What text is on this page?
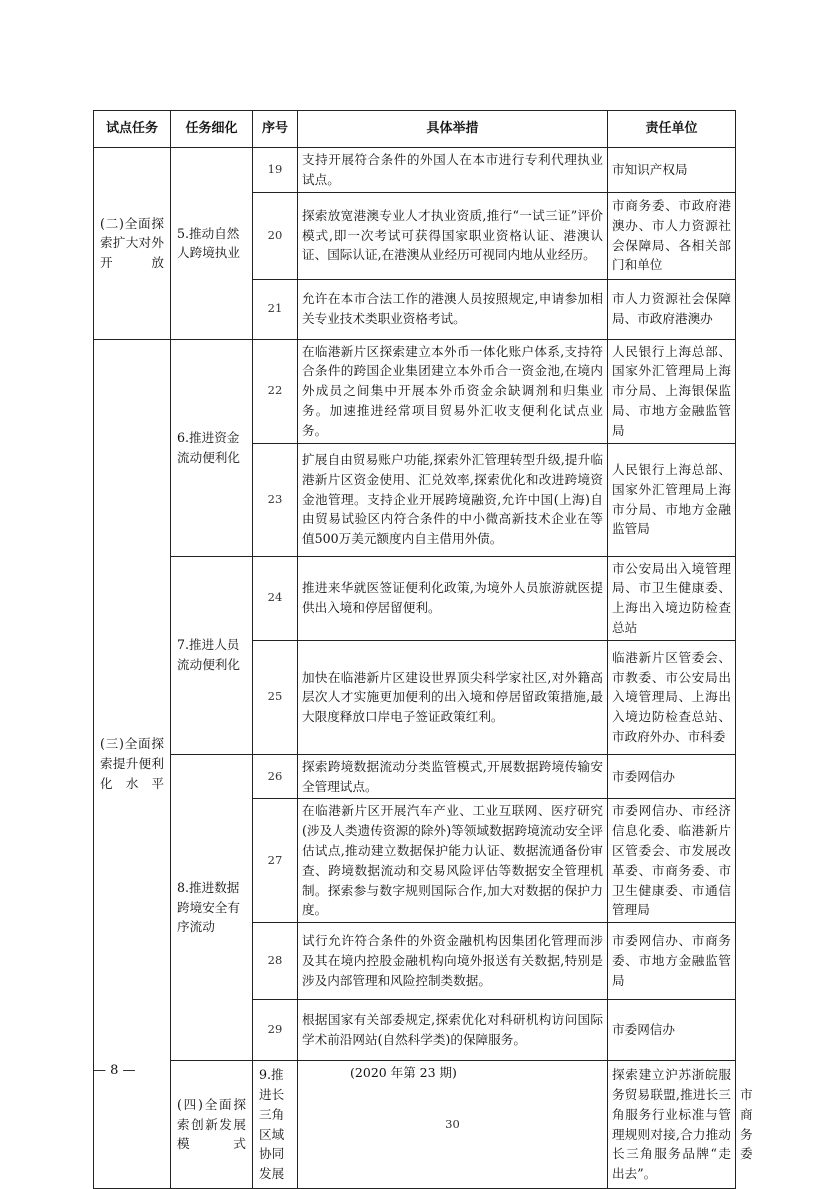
试点任务	任务细化	序号	具体举措	责任单位	
(二)全面探索扩大对外开放	5.推动自然人跨境执业	19	支持开展符合条件的外国人在本市进行专利代理执业试点。	市知识产权局	
		20	探索放宽港澳专业人才执业资质,推行“一试三证”评价模式,即一次考试可获得国家职业资格认证、港澳认证、国际认证,在港澳从业经历可视同内地从业经历。	市商务委、市政府港澳办、市人力资源社会保障局、各相关部门和单位	
		21	允许在本市合法工作的港澳人员按照规定,申请参加相关专业技术类职业资格考试。	市人力资源社会保障局、市政府港澳办	
(三)全面探索提升便利化水平	6.推进资金流动便利化	22	在临港新片区探索建立本外币一体化账户体系,支持符合条件的跨国企业集团建立本外币合一资金池,在境内外成员之间集中开展本外币资金余缺调剂和归集业务。加速推进经常项目贸易外汇收支便利化试点业务。	人民银行上海总部、国家外汇管理局上海市分局、上海银保监局、市地方金融监管局	
		23	扩展自由贸易账户功能,探索外汇管理转型升级,提升临港新片区资金使用、汇兑效率,探索优化和改进跨境资金池管理。支持企业开展跨境融资,允许中国(上海)自由贸易试验区内符合条件的中小微高新技术企业在等值500万美元额度内自主借用外债。	人民银行上海总部、国家外汇管理局上海市分局、市地方金融监管局	
	7.推进人员流动便利化	24	推进来华就医签证便利化政策,为境外人员旅游就医提供出入境和停居留便利。	市公安局出入境管理局、市卫生健康委、上海出入境边防检查总站	
		25	加快在临港新片区建设世界顶尖科学家社区,对外籍高层次人才实施更加便利的出入境和停居留政策措施,最大限度释放口岸电子签证政策红利。	临港新片区管委会、市教委、市公安局出入境管理局、上海出入境边防检查总站、市政府外办、市科委	
	8.推进数据跨境安全有序流动	26	探索跨境数据流动分类监管模式,开展数据跨境传输安全管理试点。	市委网信办	
		27	在临港新片区开展汽车产业、工业互联网、医疗研究(涉及人类遗传资源的除外)等领域数据跨境流动安全评估试点,推动建立数据保护能力认证、数据流通备份审查、跨境数据流动和交易风险评估等数据安全管理机制。探索参与数字规则国际合作,加大对数据的保护力度。	市委网信办、市经济信息化委、临港新片区管委会、市发展改革委、市商务委、市卫生健康委、市通信管理局	
		28	试行允许符合条件的外资金融机构因集团化管理而涉及其在境内控股金融机构向境外报送有关数据,特别是涉及内部管理和风险控制类数据。	市委网信办、市商务委、市地方金融监管局	
		29	根据国家有关部委规定,探索优化对科研机构访问国际学术前沿网站(自然科学类)的保障服务。	市委网信办	
	(四)全面探索创新发展模式	9.推进长三角区域协同发展	30	探索建立沪苏浙皖服务贸易联盟,推进长三角服务行业标准与管理规则对接,合力推动长三角服务品牌“走出去”。	市商务委
— 8 —	(2020 年第 23 期)
